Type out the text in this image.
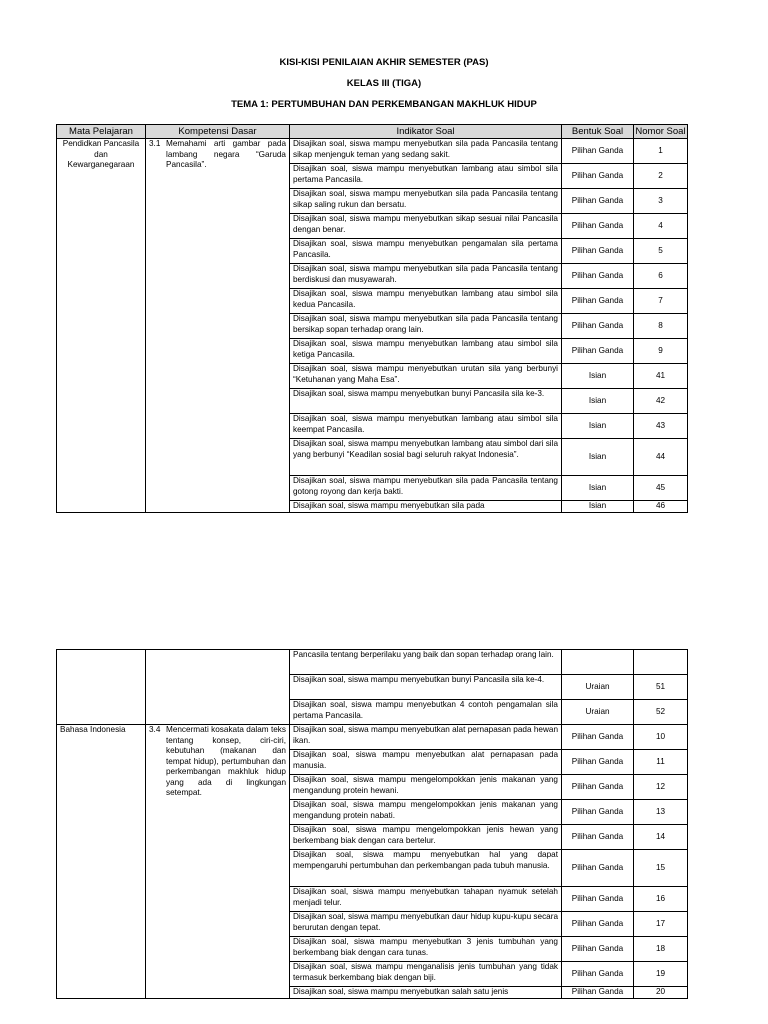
KISI-KISI PENILAIAN AKHIR SEMESTER (PAS)
KELAS III (TIGA)
TEMA 1: PERTUMBUHAN DAN PERKEMBANGAN MAKHLUK HIDUP
Mata Pelajaran	Kompetensi Dasar	Indikator Soal	Bentuk Soal	Nomor Soal
Pendidkan Pancasila dan Kewarganegaraan	3.1 Memahami arti gambar pada lambang negara “Garuda Pancasila”.	Disajikan soal, siswa mampu menyebutkan sila pada Pancasila tentang sikap menjenguk teman yang sedang sakit.	Pilihan Ganda	1
		Disajikan soal, siswa mampu menyebutkan lambang atau simbol sila pertama Pancasila.	Pilihan Ganda	2
		Disajikan soal, siswa mampu menyebutkan sila pada Pancasila tentang sikap saling rukun dan bersatu.	Pilihan Ganda	3
		Disajikan soal, siswa mampu menyebutkan sikap sesuai nilai Pancasila dengan benar.	Pilihan Ganda	4
		Disajikan soal, siswa mampu menyebutkan pengamalan sila pertama Pancasila.	Pilihan Ganda	5
		Disajikan soal, siswa mampu menyebutkan sila pada Pancasila tentang berdiskusi dan musyawarah.	Pilihan Ganda	6
		Disajikan soal, siswa mampu menyebutkan lambang atau simbol sila kedua Pancasila.	Pilihan Ganda	7
		Disajikan soal, siswa mampu menyebutkan sila pada Pancasila tentang bersikap sopan terhadap orang lain.	Pilihan Ganda	8
		Disajikan soal, siswa mampu menyebutkan lambang atau simbol sila ketiga Pancasila.	Pilihan Ganda	9
		Disajikan soal, siswa mampu menyebutkan urutan sila yang berbunyi “Ketuhanan yang Maha Esa”.	Isian	41
		Disajikan soal, siswa mampu menyebutkan bunyi Pancasila sila ke-3.	Isian	42
		Disajikan soal, siswa mampu menyebutkan lambang atau simbol sila keempat Pancasila.	Isian	43
		Disajikan soal, siswa mampu menyebutkan lambang atau simbol dari sila yang berbunyi “Keadilan sosial bagi seluruh rakyat Indonesia”.	Isian	44
		Disajikan soal, siswa mampu menyebutkan sila pada Pancasila tentang gotong royong dan kerja bakti.	Isian	45
		Disajikan soal, siswa mampu menyebutkan sila pada	Isian	46
		Pancasila tentang berperilaku yang baik dan sopan terhadap orang lain.		
		Disajikan soal, siswa mampu menyebutkan bunyi Pancasila sila ke-4.	Uraian	51
		Disajikan soal, siswa mampu menyebutkan 4 contoh pengamalan sila pertama Pancasila.	Uraian	52
Bahasa Indonesia	3.4 Mencermati kosakata dalam teks tentang konsep, ciri-ciri, kebutuhan (makanan dan tempat hidup), pertumbuhan dan perkembangan makhluk hidup yang ada di lingkungan setempat.	Disajikan soal, siswa mampu menyebutkan alat pernapasan pada hewan ikan.	Pilihan Ganda	10
		Disajikan soal, siswa mampu menyebutkan alat pernapasan pada manusia.	Pilihan Ganda	11
		Disajikan soal, siswa mampu mengelompokkan jenis makanan yang mengandung protein hewani.	Pilihan Ganda	12
		Disajikan soal, siswa mampu mengelompokkan jenis makanan yang mengandung protein nabati.	Pilihan Ganda	13
		Disajikan soal, siswa mampu mengelompokkan jenis hewan yang berkembang biak dengan cara bertelur.	Pilihan Ganda	14
		Disajikan soal, siswa mampu menyebutkan hal yang dapat mempengaruhi pertumbuhan dan perkembangan pada tubuh manusia.	Pilihan Ganda	15
		Disajikan soal, siswa mampu menyebutkan tahapan nyamuk setelah menjadi telur.	Pilihan Ganda	16
		Disajikan soal, siswa mampu menyebutkan daur hidup kupu-kupu secara berurutan dengan tepat.	Pilihan Ganda	17
		Disajikan soal, siswa mampu menyebutkan 3 jenis tumbuhan yang berkembang biak dengan cara tunas.	Pilihan Ganda	18
		Disajikan soal, siswa mampu menganalisis jenis tumbuhan yang tidak termasuk berkembang biak dengan biji.	Pilihan Ganda	19
		Disajikan soal, siswa mampu menyebutkan salah satu jenis	Pilihan Ganda	20
